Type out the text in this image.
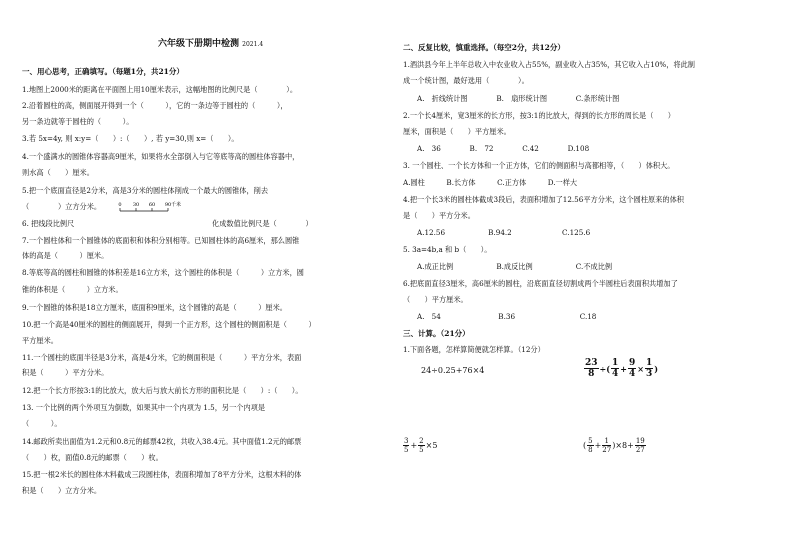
六年级下册期中检测 2021.4
一、用心思考，正确填写。（每题1分，共21分）
1.地图上2000米的距离在平面图上用10厘米表示，这幅地图的比例尺是（　　　　）。
2.沿着圆柱的高，侧面展开得到一个（　　　），它的一条边等于圆柱的（　　　），
另一条边就等于圆柱的（　　　）。
3.若 5x=4y, 则 x:y=（　　）:（　　）, 若 y=30,则 x=（　　）。
4.一个盛满水的圆锥体容器高9厘米，如果将水全部倒入与它等底等高的圆柱体容器中，
则水高（　　）厘米。
5.把一个底面直径是2分米，高是3分米的圆柱体削成一个最大的圆锥体，削去
（　　　　）立方分米。
6. 把线段比例尺
0 30 60 90 千米
化成数值比例尺是（　　　　）
7.一个圆柱体和一个圆锥体的底面积和体积分别相等。已知圆柱体的高6厘米，那么圆锥
体的高是（　　　）厘米。
8.等底等高的圆柱和圆锥的体积差是16立方米，这个圆柱的体积是（　　　）立方米，圆
锥的体积是（　　　）立方米。
9.一个圆锥的体积是18立方厘米，底面积9厘米，这个圆锥的高是（　　　）厘米。
10.把一个高是40厘米的圆柱的侧面展开，得到一个正方形，这个圆柱的侧面积是（　　　）
平方厘米。
11.一个圆柱的底面半径是3分米，高是4分米，它的侧面积是（　　　）平方分米，表面
积是（　　　）平方分米。
12.把一个长方形按3:1的比放大，放大后与放大前长方形的面积比是（　　）:（　　）。
13. 一个比例的两个外项互为倒数，如果其中一个内项为 1.5，另一个内项是
（　　　）。
14.邮政所卖出面值为1.2元和0.8元的邮票42枚，共收入38.4元。其中面值1.2元的邮票
（　　）枚，面值0.8元的邮票（　　）枚。
15.把一根2米长的圆柱体木料截成三段圆柱体，表面积增加了8平方分米，这根木料的体
积是（　　）立方分米。
二、反复比较，慎重选择。（每空2分，共12分）
1.酒洪县今年上半年总收入中农业收入占55%，副业收入占35%，其它收入占10%，将此制
成一个统计图，最好选用（　　　　）。
A.　折线统计图　　　　B.　扇形统计图　　　　C.条形统计图
2.一个长4厘米，宽3厘米的长方形，按3:1的比放大，得到的长方形的周长是（　　）
厘米，面积是（　　）平方厘米。
A.　36　　　　B.　72　　　　C.42　　　　D.108
3. 一个圆柱、一个长方体和一个正方体，它们的侧面积与高都相等，（　　）体积大。
A.圆柱　　　B.长方体　　　C.正方体　　　D.一样大
4.把一个长3米的圆柱体截成3段后，表面积增加了12.56平方分米，这个圆柱原来的体积
是（　　）平方分米。
A.12.56　　　　　　B.94.2　　　　　　　C.125.6
5. 3a=4b,a 和 b（　　）。
A.成正比例　　　　　　B.成反比例　　　　　　C.不成比例
6.把底面直径3厘米，高6厘米的圆柱，沿底面直径切割成两个半圆柱后表面积共增加了
（　　）平方厘米。
A.　54　　　　　　　　B.36　　　　　　　　　C.18
三、计算。（21分）
1.下面各题，怎样算简便就怎样算。（12分）
24÷0.25+76×4	$\frac{23}{8}$ ÷( $\frac{1}{4} + \frac{9}{4} \times \frac{1}{3}$ )
$\frac{3}{5} + \frac{2}{5} \times 5$	( $\frac{5}{8} + \frac{1}{27} )\times 8+ \frac{19}{27}$
